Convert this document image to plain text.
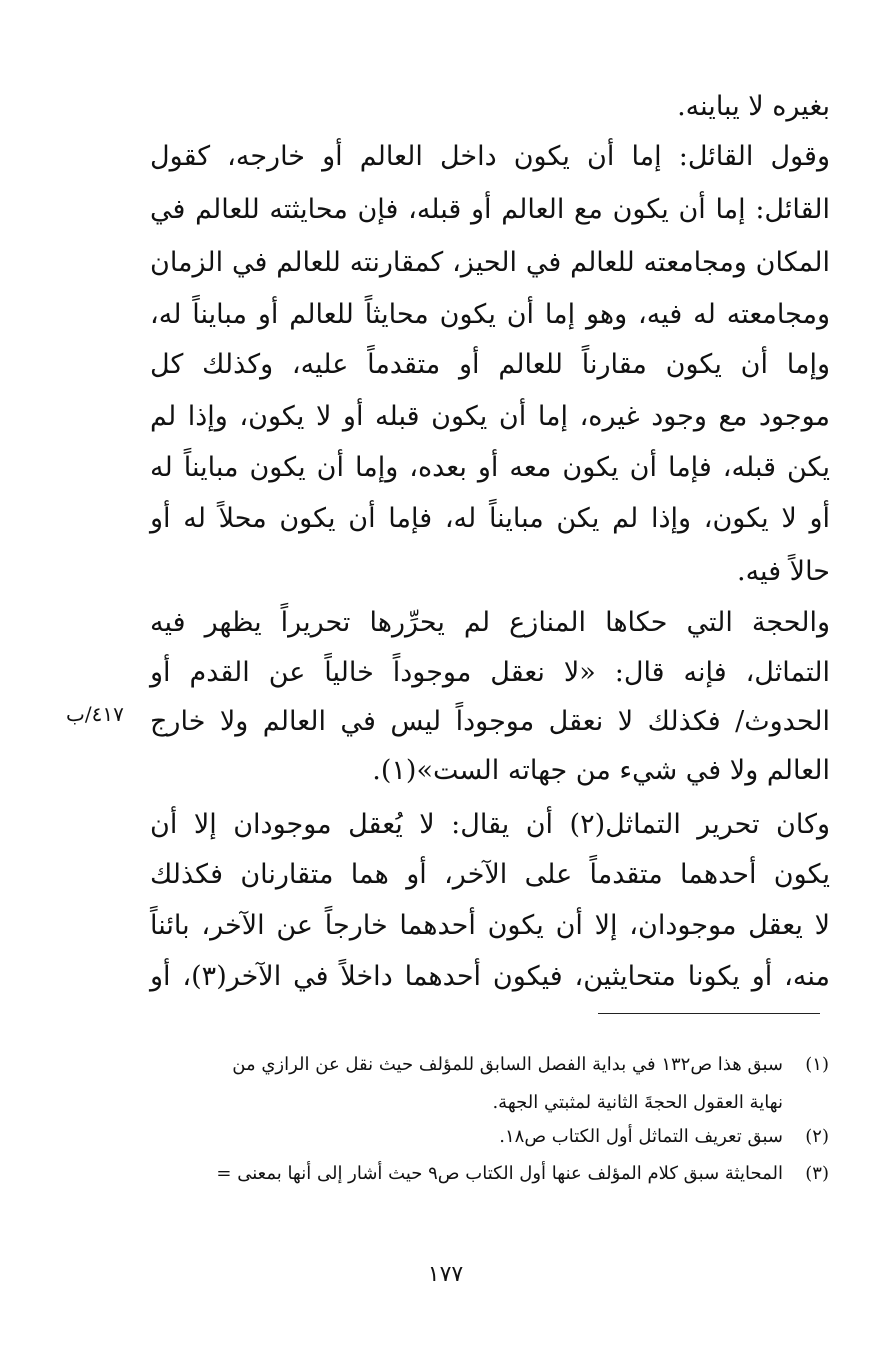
بغيره لا يباينه.
وقول القائل: إما أن يكون داخل العالم أو خارجه، كقول
القائل: إما أن يكون مع العالم أو قبله، فإن محايثته للعالم في
المكان ومجامعته للعالم في الحيز، كمقارنته للعالم في الزمان
ومجامعته له فيه، وهو إما أن يكون محايثاً للعالم أو مبايناً له،
وإما أن يكون مقارناً للعالم أو متقدماً عليه، وكذلك كل
موجود مع وجود غيره، إما أن يكون قبله أو لا يكون، وإذا لم
يكن قبله، فإما أن يكون معه أو بعده، وإما أن يكون مبايناً له
أو لا يكون، وإذا لم يكن مبايناً له، فإما أن يكون محلاً له أو
حالاً فيه.
والحجة التي حكاها المنازع لم يحرِّرها تحريراً يظهر فيه
التماثل، فإنه قال: «لا نعقل موجوداً خالياً عن القدم أو
الحدوث/ فكذلك لا نعقل موجوداً ليس في العالم ولا خارج
العالم ولا في شيء من جهاته الست»(١).
وكان تحرير التماثل(٢) أن يقال: لا يُعقل موجودان إلا أن
يكون أحدهما متقدماً على الآخر، أو هما متقارنان فكذلك
لا يعقل موجودان، إلا أن يكون أحدهما خارجاً عن الآخر، بائناً
منه، أو يكونا متحايثين، فيكون أحدهما داخلاً في الآخر(٣)، أو
٤١٧/ب
(١)
سبق هذا ص١٣٢ في بداية الفصل السابق للمؤلف حيث نقل عن الرازي من
نهاية العقول الحجةَ الثانية لمثبتي الجهة.
(٢)
سبق تعريف التماثل أول الكتاب ص١٨.
(٣)
المحايثة سبق كلام المؤلف عنها أول الكتاب ص٩ حيث أشار إلى أنها بمعنى =
١٧٧
